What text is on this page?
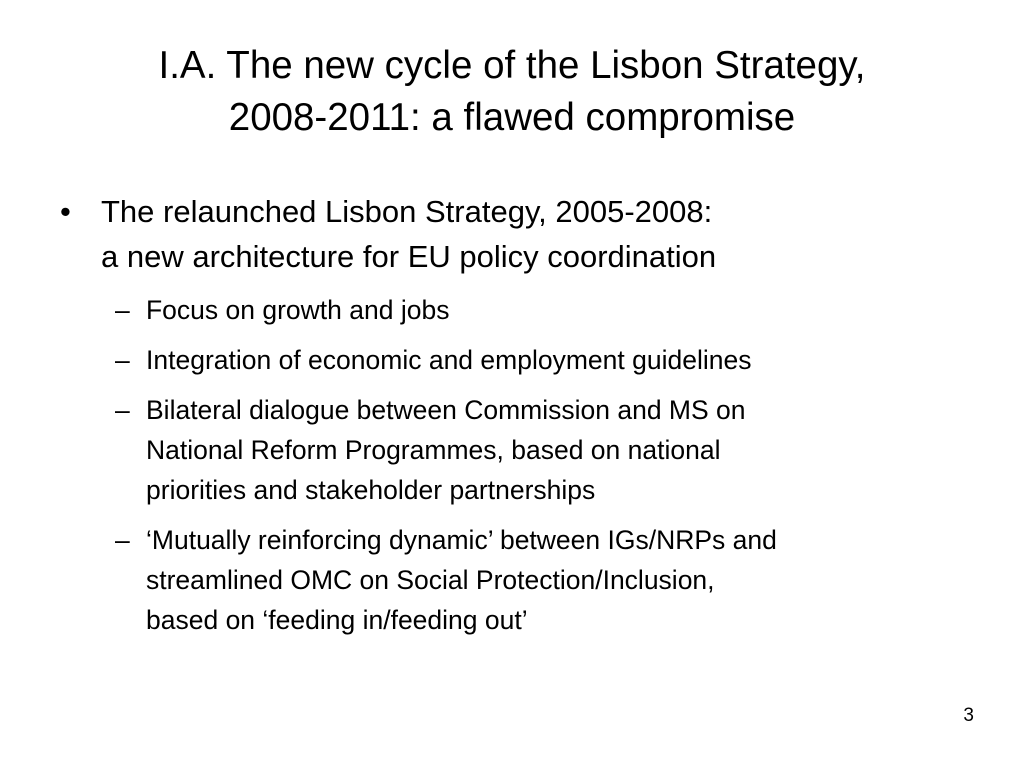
I.A. The new cycle of the Lisbon Strategy,
2008-2011: a flawed compromise
• The relaunched Lisbon Strategy, 2005-2008:
a new architecture for EU policy coordination
– Focus on growth and jobs
– Integration of economic and employment guidelines
– Bilateral dialogue between Commission and MS on
National Reform Programmes, based on national
priorities and stakeholder partnerships
– ‘Mutually reinforcing dynamic’ between IGs/NRPs and
streamlined OMC on Social Protection/Inclusion,
based on ‘feeding in/feeding out’
3
